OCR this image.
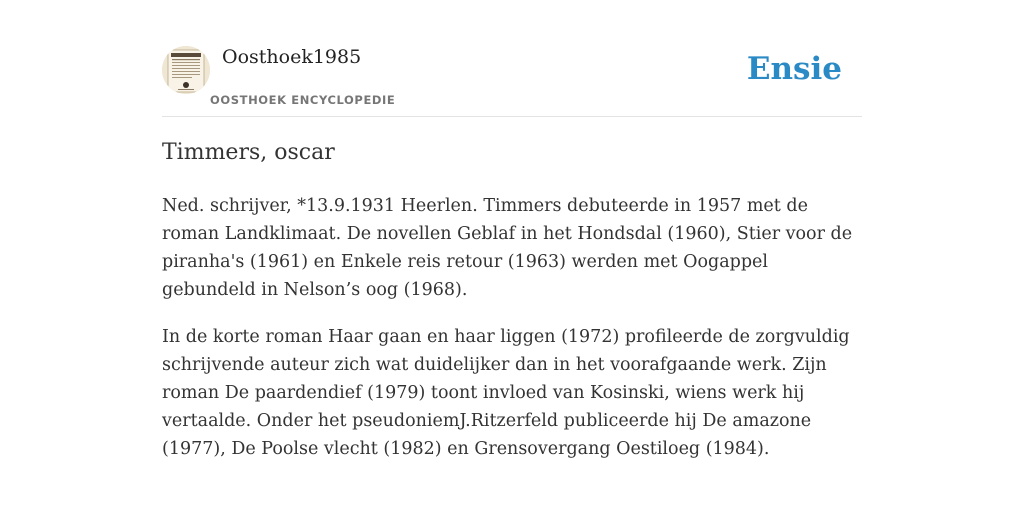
Oosthoek1985
OOSTHOEK ENCYCLOPEDIE
Ensie
Timmers, oscar

Ned. schrijver, *13.9.1931 Heerlen. Timmers debuteerde in 1957 met de roman Landklimaat. De novellen Geblaf in het Hondsdal (1960), Stier voor de piranha's (1961) en Enkele reis retour (1963) werden met Oogappel gebundeld in Nelson’s oog (1968).

In de korte roman Haar gaan en haar liggen (1972) profileerde de zorgvuldig schrijvende auteur zich wat duidelijker dan in het voorafgaande werk. Zijn roman De paardendief (1979) toont invloed van Kosinski, wiens werk hij vertaalde. Onder het pseudoniemJ.Ritzerfeld publiceerde hij De amazone (1977), De Poolse vlecht (1982) en Grensovergang Oestiloeg (1984).
